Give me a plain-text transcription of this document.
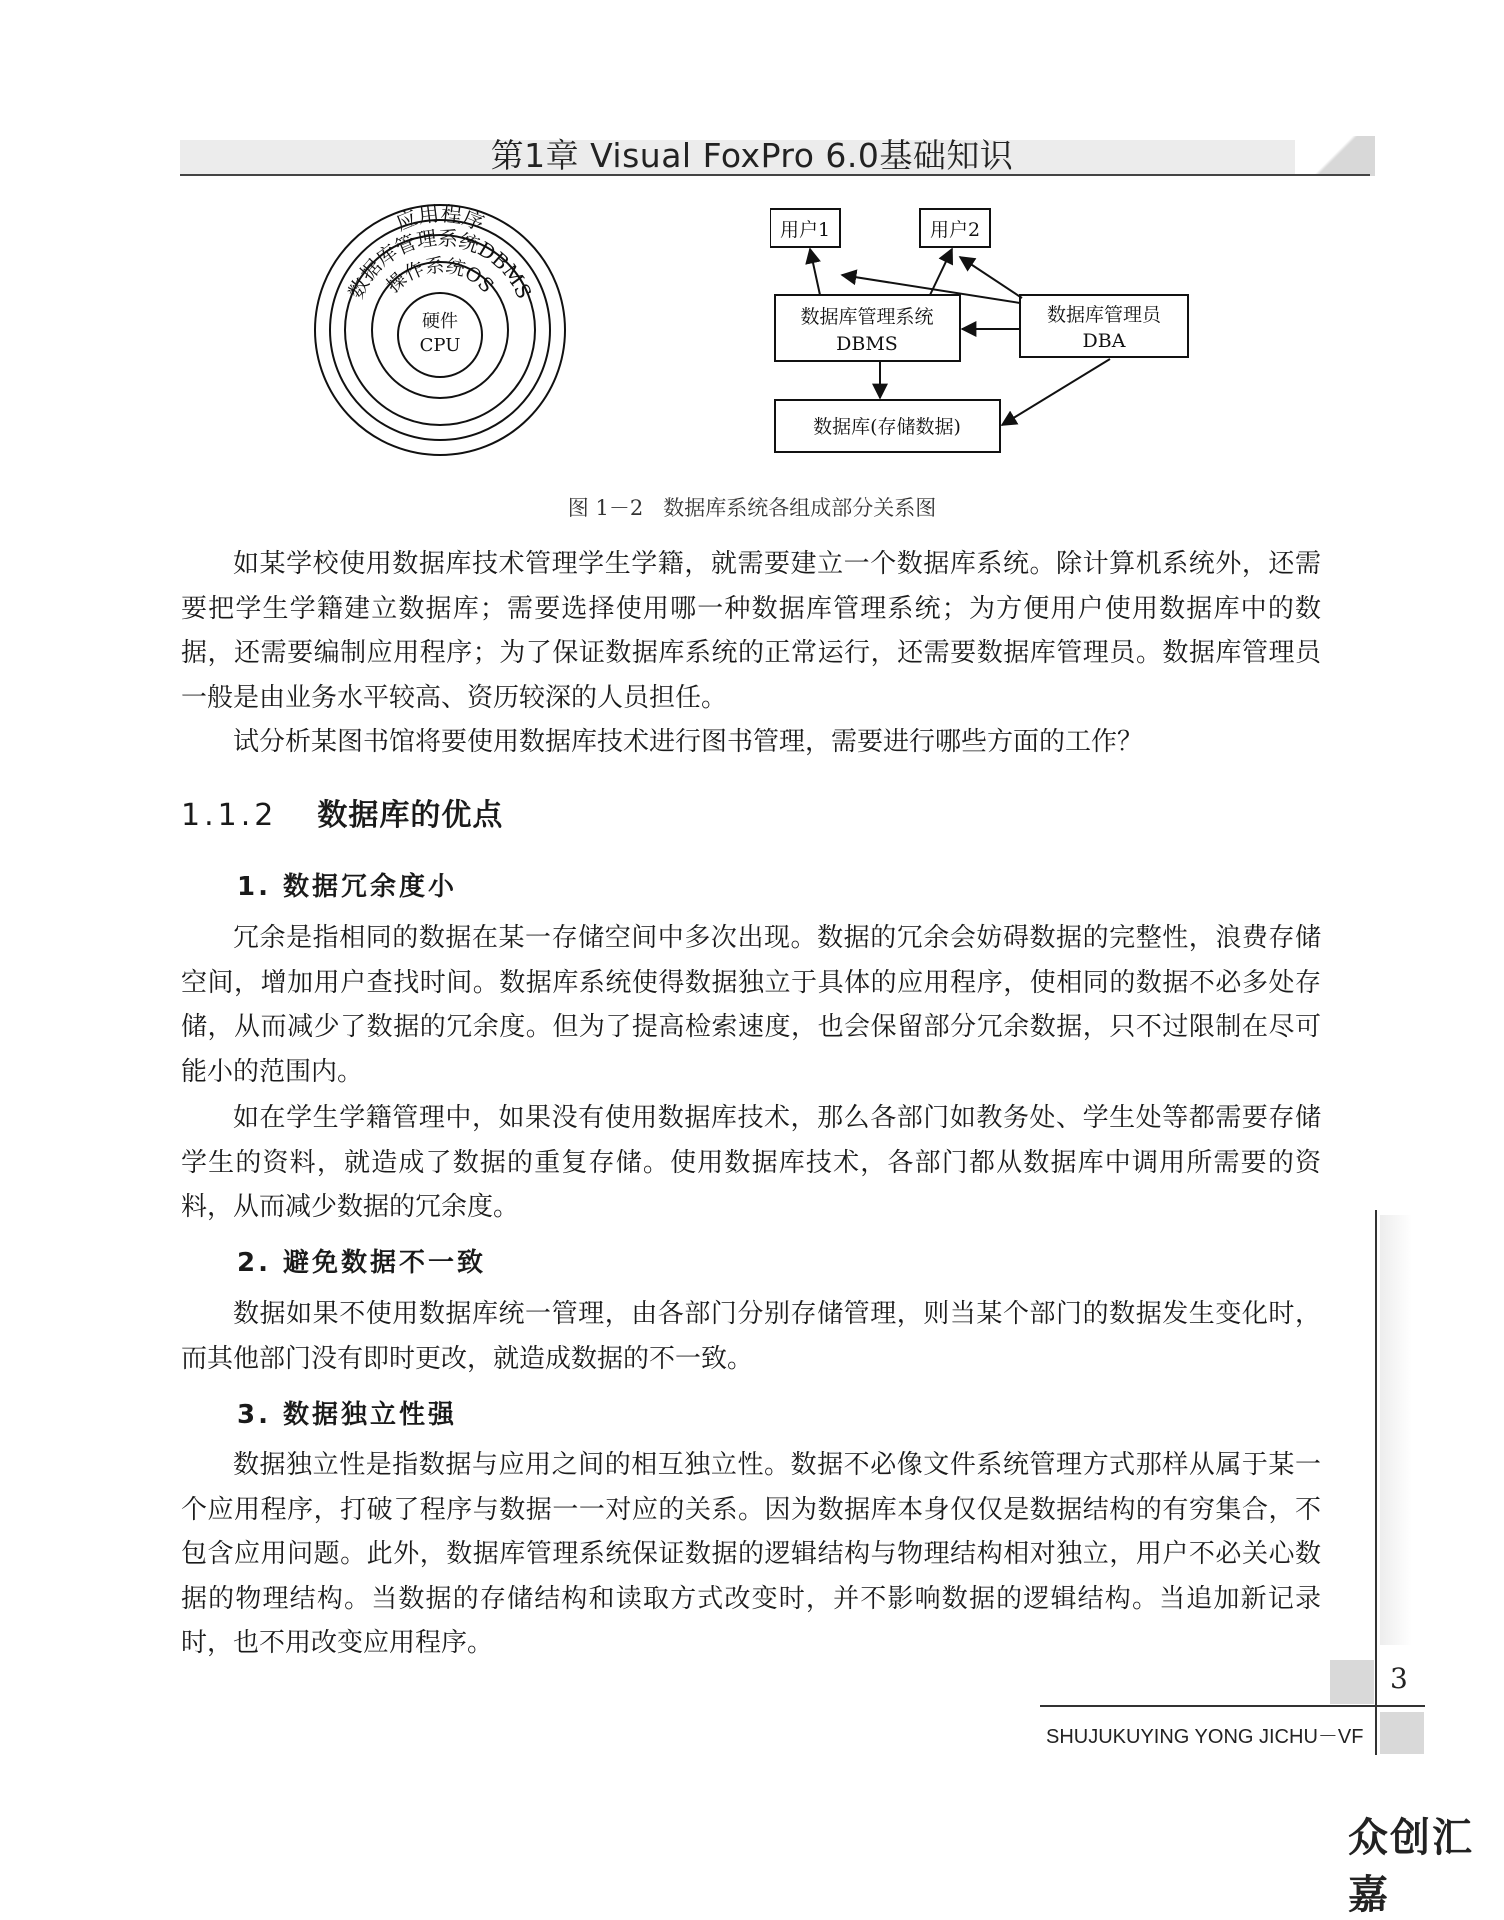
第1章 Visual FoxPro 6.0基础知识
应用程序
数据库管理系统DBMS
操作系统OS
硬件
CPU
用户1	用户2
数据库管理系统
DBMS
数据库管理员
DBA
数据库(存储数据)
图 1－2 数据库系统各组成部分关系图

如某学校使用数据库技术管理学生学籍，就需要建立一个数据库系统。除计算机系统外，还需要把学生学籍建立数据库；需要选择使用哪一种数据库管理系统；为方便用户使用数据库中的数据，还需要编制应用程序；为了保证数据库系统的正常运行，还需要数据库管理员。数据库管理员一般是由业务水平较高、资历较深的人员担任。

试分析某图书馆将要使用数据库技术进行图书管理，需要进行哪些方面的工作？

1.1.2 数据库的优点
1. 数据冗余度小

冗余是指相同的数据在某一存储空间中多次出现。数据的冗余会妨碍数据的完整性，浪费存储空间，增加用户查找时间。数据库系统使得数据独立于具体的应用程序，使相同的数据不必多处存储，从而减少了数据的冗余度。但为了提高检索速度，也会保留部分冗余数据，只不过限制在尽可能小的范围内。

如在学生学籍管理中，如果没有使用数据库技术，那么各部门如教务处、学生处等都需要存储学生的资料，就造成了数据的重复存储。使用数据库技术，各部门都从数据库中调用所需要的资料，从而减少数据的冗余度。

2. 避免数据不一致

数据如果不使用数据库统一管理，由各部门分别存储管理，则当某个部门的数据发生变化时，而其他部门没有即时更改，就造成数据的不一致。

3. 数据独立性强

数据独立性是指数据与应用之间的相互独立性。数据不必像文件系统管理方式那样从属于某一个应用程序，打破了程序与数据一一对应的关系。因为数据库本身仅仅是数据结构的有穷集合，不包含应用问题。此外，数据库管理系统保证数据的逻辑结构与物理结构相对独立，用户不必关心数据的物理结构。当数据的存储结构和读取方式改变时，并不影响数据的逻辑结构。当追加新记录时，也不用改变应用程序。

3
SHUJUKUYING YONG JICHU－VF
众创汇嘉
